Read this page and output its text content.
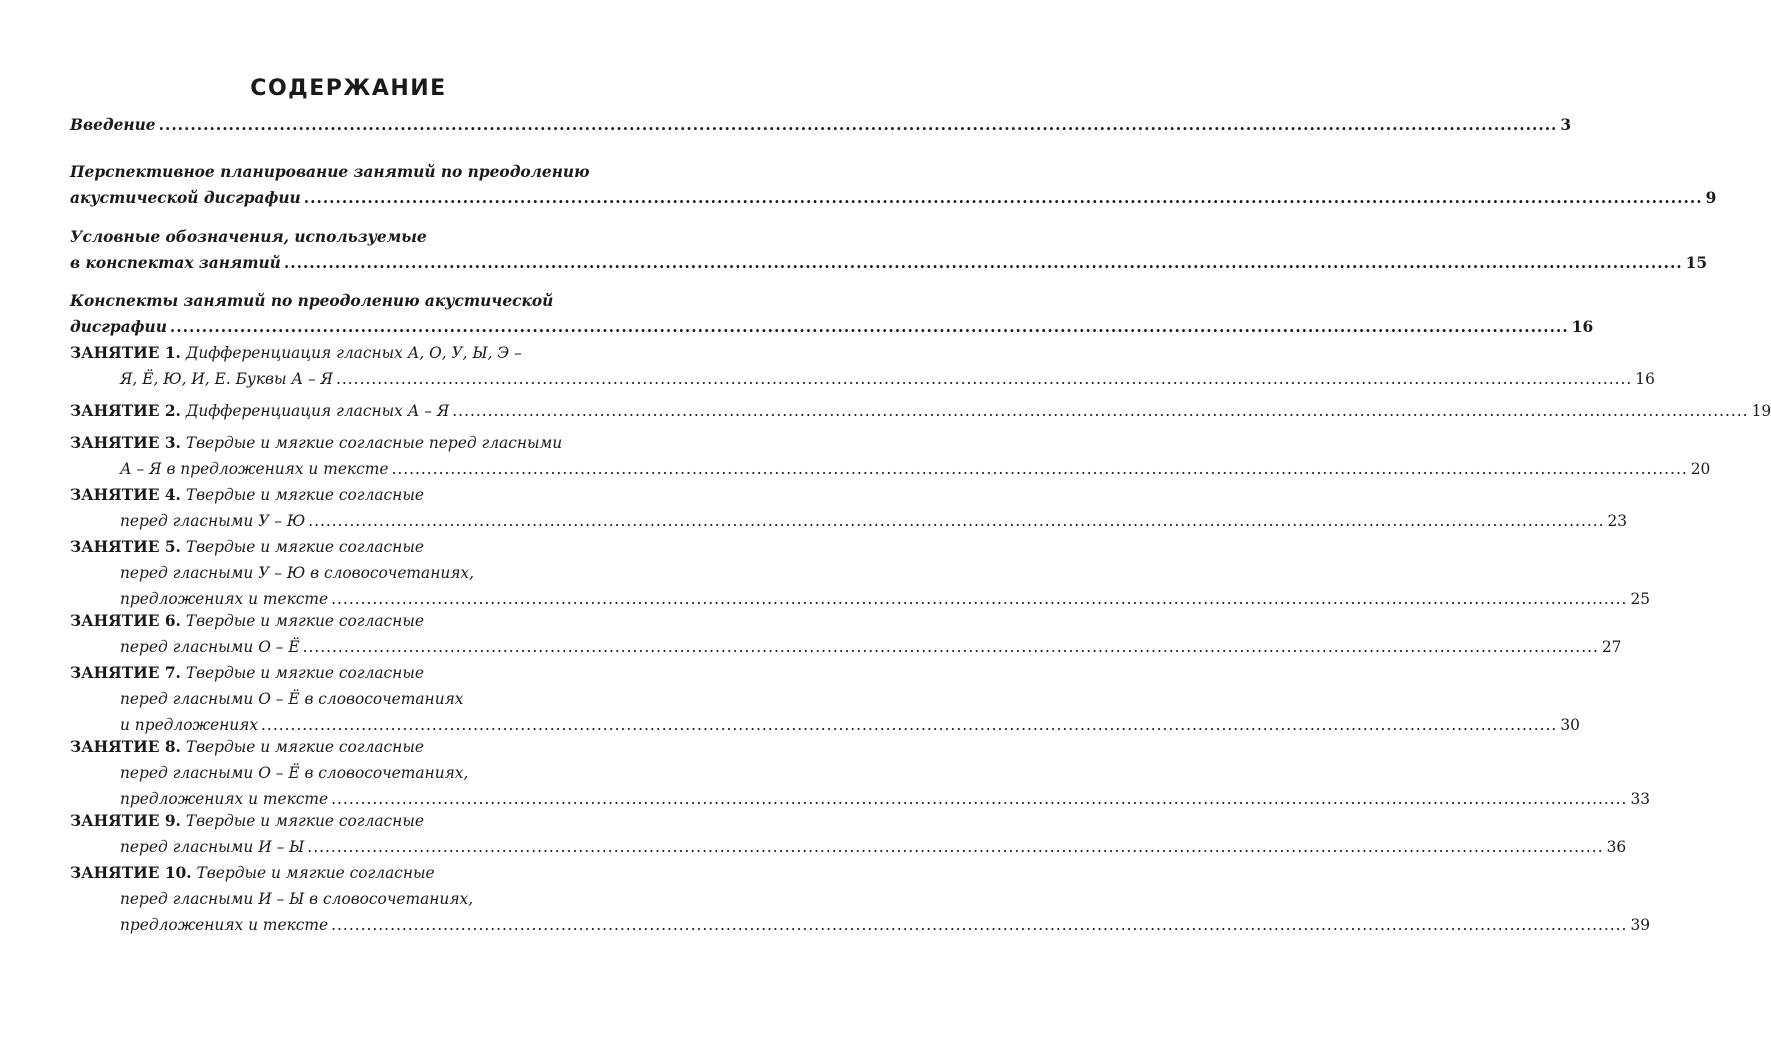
СОДЕРЖАНИЕ
Введение ............................................................................................................................................................................................................................ 3
Перспективное планирование занятий по преодолению
акустической дисграфии ............................................................................................................................................................................................................................ 9
Условные обозначения, используемые
в конспектах занятий ............................................................................................................................................................................................................................ 15
Конспекты занятий по преодолению акустической
дисграфии ............................................................................................................................................................................................................................ 16
ЗАНЯТИЕ 1. Дифференциация гласных А, О, У, Ы, Э –
Я, Ё, Ю, И, Е. Буквы А – Я ............................................................................................................................................................................................................................ 16
ЗАНЯТИЕ 2. Дифференциация гласных А – Я ............................................................................................................................................................................................................................ 19
ЗАНЯТИЕ 3. Твердые и мягкие согласные перед гласными
А – Я в предложениях и тексте ............................................................................................................................................................................................................................ 20
ЗАНЯТИЕ 4. Твердые и мягкие согласные
перед гласными У – Ю ............................................................................................................................................................................................................................ 23
ЗАНЯТИЕ 5. Твердые и мягкие согласные
перед гласными У – Ю в словосочетаниях,
предложениях и тексте ............................................................................................................................................................................................................................ 25
ЗАНЯТИЕ 6. Твердые и мягкие согласные
перед гласными О – Ё ............................................................................................................................................................................................................................ 27
ЗАНЯТИЕ 7. Твердые и мягкие согласные
перед гласными О – Ё в словосочетаниях
и предложениях ............................................................................................................................................................................................................................ 30
ЗАНЯТИЕ 8. Твердые и мягкие согласные
перед гласными О – Ё в словосочетаниях,
предложениях и тексте ............................................................................................................................................................................................................................ 33
ЗАНЯТИЕ 9. Твердые и мягкие согласные
перед гласными И – Ы ............................................................................................................................................................................................................................ 36
ЗАНЯТИЕ 10. Твердые и мягкие согласные
перед гласными И – Ы в словосочетаниях,
предложениях и тексте ............................................................................................................................................................................................................................ 39
